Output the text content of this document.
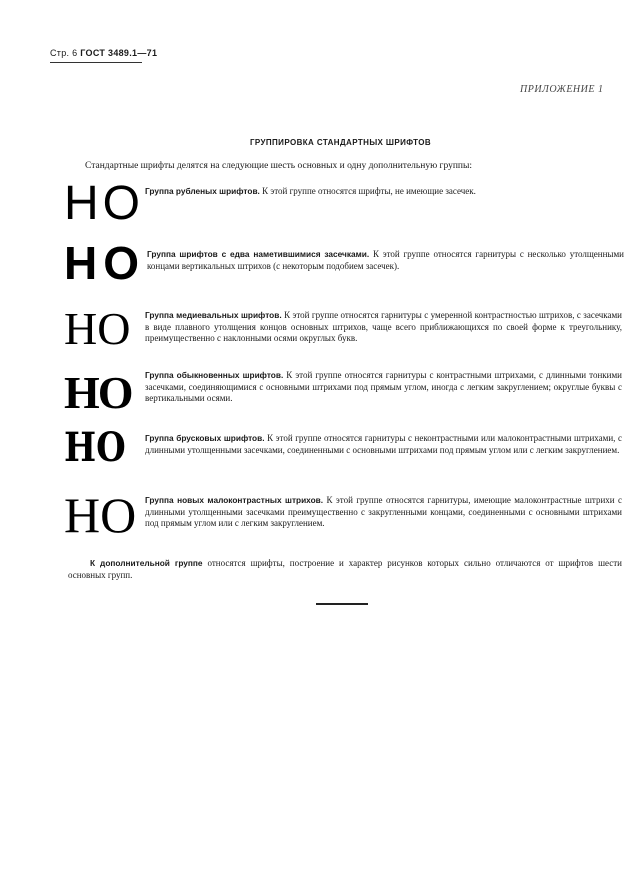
Стр. 6 ГОСТ 3489.1—71
ПРИЛОЖЕНИЕ 1
ГРУППИРОВКА СТАНДАРТНЫХ ШРИФТОВ
Стандартные шрифты делятся на следующие шесть основных и одну дополнительную группы:
НО Группа рубленых шрифтов. К этой группе относятся шрифты, не имеющие засечек.
НО Группа шрифтов с едва наметившимися засечками. К этой группе относятся гарнитуры с несколько утолщенными концами вертикальных штрихов (с некоторым подобием засечек).
НО Группа медиевальных шрифтов. К этой группе относятся гарнитуры с умеренной контрастностью штрихов, с засечками в виде плавного утолщения концов основных штрихов, чаще всего приближающихся по своей форме к треугольнику, преимущественно с наклонными осями округлых букв.
НО Группа обыкновенных шрифтов. К этой группе относятся гарнитуры с контрастными штрихами, с длинными тонкими засечками, соединяющимися с основными штрихами под прямым углом, иногда с легким закруглением; округлые буквы с вертикальными осями.
НО Группа брусковых шрифтов. К этой группе относятся гарнитуры с неконтрастными или малоконтрастными штрихами, с длинными утолщенными засечками, соединенными с основными штрихами под прямым углом или с легким закруглением.
НО Группа новых малоконтрастных штрихов. К этой группе относятся гарнитуры, имеющие малоконтрастные штрихи с длинными утолщенными засечками преимущественно с закругленными концами, соединенными с основными штрихами под прямым углом или с легким закруглением.
К дополнительной группе относятся шрифты, построение и характер рисунков которых сильно отличаются от шрифтов шести основных групп.
